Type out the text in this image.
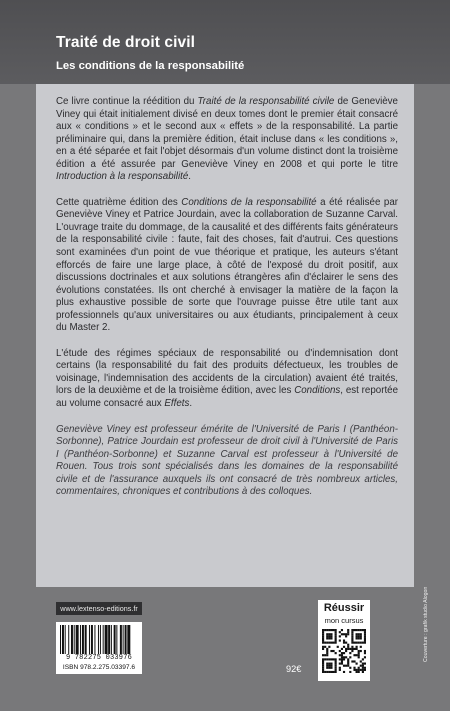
Traité de droit civil
Les conditions de la responsabilité

Ce livre continue la réédition du Traité de la responsabilité civile de Geneviève Viney qui était initialement divisé en deux tomes dont le premier était consacré aux « conditions » et le second aux « effets » de la responsabilité. La partie préliminaire qui, dans la première édition, était incluse dans « les conditions », en a été séparée et fait l'objet désormais d'un volume distinct dont la troisième édition a été assurée par Geneviève Viney en 2008 et qui porte le titre Introduction à la responsabilité.

Cette quatrième édition des Conditions de la responsabilité a été réalisée par Geneviève Viney et Patrice Jourdain, avec la collaboration de Suzanne Carval. L'ouvrage traite du dommage, de la causalité et des différents faits générateurs de la responsabilité civile : faute, fait des choses, fait d'autrui. Ces questions sont examinées d'un point de vue théorique et pratique, les auteurs s'étant efforcés de faire une large place, à côté de l'exposé du droit positif, aux discussions doctrinales et aux solutions étrangères afin d'éclairer le sens des évolutions constatées. Ils ont cherché à envisager la matière de la façon la plus exhaustive possible de sorte que l'ouvrage puisse être utile tant aux professionnels qu'aux universitaires ou aux étudiants, principalement à ceux du Master 2.

L'étude des régimes spéciaux de responsabilité ou d'indemnisation dont certains (la responsabilité du fait des produits défectueux, les troubles de voisinage, l'indemnisation des accidents de la circulation) avaient été traités, lors de la deuxième et de la troisième édition, avec les Conditions, est reportée au volume consacré aux Effets.

Geneviève Viney est professeur émérite de l'Université de Paris I (Panthéon-Sorbonne), Patrice Jourdain est professeur de droit civil à l'Université de Paris I (Panthéon-Sorbonne) et Suzanne Carval est professeur à l'Université de Rouen. Tous trois sont spécialisés dans les domaines de la responsabilité civile et de l'assurance auxquels ils ont consacré de très nombreux articles, commentaires, chroniques et contributions à des colloques.

www.lextenso-editions.fr
9 782275 033976
ISBN 978.2.275.03397.6	92€
Réussir
mon cursus	Couverture : grafik studio Alogon
